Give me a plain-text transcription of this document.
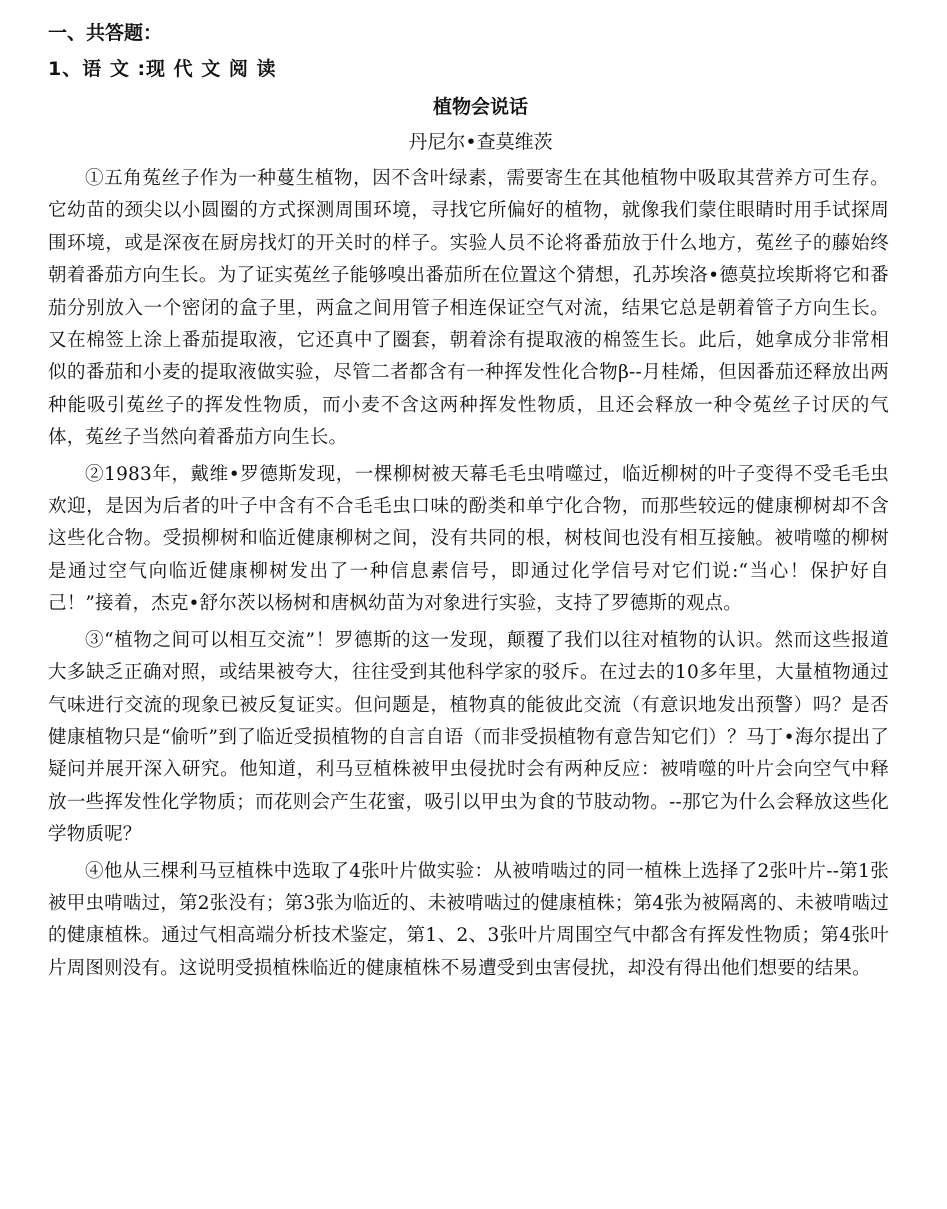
一、共答题：
1、语 文 :现 代 文 阅 读
植物会说话
丹尼尔•查莫维茨

①五角菟丝子作为一种蔓生植物，因不含叶绿素，需要寄生在其他植物中吸取其营养方可生存。它幼苗的颈尖以小圆圈的方式探测周围环境，寻找它所偏好的植物，就像我们蒙住眼睛时用手试探周围环境，或是深夜在厨房找灯的开关时的样子。实验人员不论将番茄放于什么地方，菟丝子的藤始终朝着番茄方向生长。为了证实菟丝子能够嗅出番茄所在位置这个猜想，孔苏埃洛•德莫拉埃斯将它和番茄分别放入一个密闭的盒子里，两盒之间用管子相连保证空气对流，结果它总是朝着管子方向生长。又在棉签上涂上番茄提取液，它还真中了圈套，朝着涂有提取液的棉签生长。此后，她拿成分非常相似的番茄和小麦的提取液做实验，尽管二者都含有一种挥发性化合物β--月桂烯，但因番茄还释放出两种能吸引菟丝子的挥发性物质，而小麦不含这两种挥发性物质，且还会释放一种令菟丝子讨厌的气体，菟丝子当然向着番茄方向生长。

②1983年，戴维•罗德斯发现，一棵柳树被天幕毛毛虫啃噬过，临近柳树的叶子变得不受毛毛虫欢迎，是因为后者的叶子中含有不合毛毛虫口味的酚类和单宁化合物，而那些较远的健康柳树却不含这些化合物。受损柳树和临近健康柳树之间，没有共同的根，树枝间也没有相互接触。被啃噬的柳树是通过空气向临近健康柳树发出了一种信息素信号，即通过化学信号对它们说:“当心！保护好自己！”接着，杰克•舒尔茨以杨树和唐枫幼苗为对象进行实验，支持了罗德斯的观点。

③“植物之间可以相互交流”！罗德斯的这一发现，颠覆了我们以往对植物的认识。然而这些报道大多缺乏正确对照，或结果被夸大，往往受到其他科学家的驳斥。在过去的10多年里，大量植物通过气味进行交流的现象已被反复证实。但问题是，植物真的能彼此交流（有意识地发出预警）吗？是否健康植物只是“偷听”到了临近受损植物的自言自语（而非受损植物有意告知它们）？马丁•海尔提出了疑问并展开深入研究。他知道，利马豆植株被甲虫侵扰时会有两种反应：被啃噬的叶片会向空气中释放一些挥发性化学物质；而花则会产生花蜜，吸引以甲虫为食的节肢动物。--那它为什么会释放这些化学物质呢？

④他从三棵利马豆植株中选取了4张叶片做实验：从被啃啮过的同一植株上选择了2张叶片--第1张被甲虫啃啮过，第2张没有；第3张为临近的、未被啃啮过的健康植株；第4张为被隔离的、未被啃啮过的健康植株。通过气相高端分析技术鉴定，第1、2、3张叶片周围空气中都含有挥发性物质；第4张叶片周图则没有。这说明受损植株临近的健康植株不易遭受到虫害侵扰，却没有得出他们想要的结果。
